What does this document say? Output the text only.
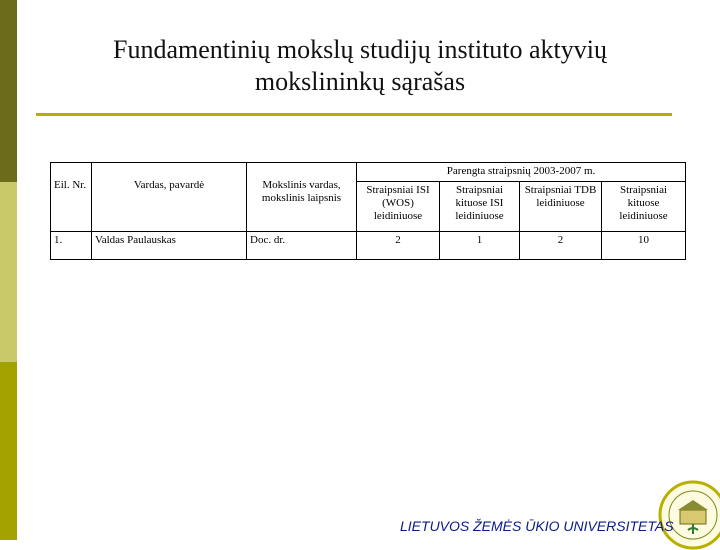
Fundamentinių mokslų studijų instituto aktyvių
mokslininkų sąrašas
Eil. Nr.	Vardas, pavardė	Mokslinis vardas, mokslinis laipsnis	Parengta straipsnių 2003-2007 m.			
			Straipsniai ISI (WOS) leidiniuose	Straipsniai kituose ISI leidiniuose	Straipsniai TDB leidiniuose	Straipsniai kituose leidiniuose
1.	Valdas Paulauskas	Doc. dr.	2	1	2	10
LIETUVOS ŽEMĖS ŪKIO UNIVERSITETAS
